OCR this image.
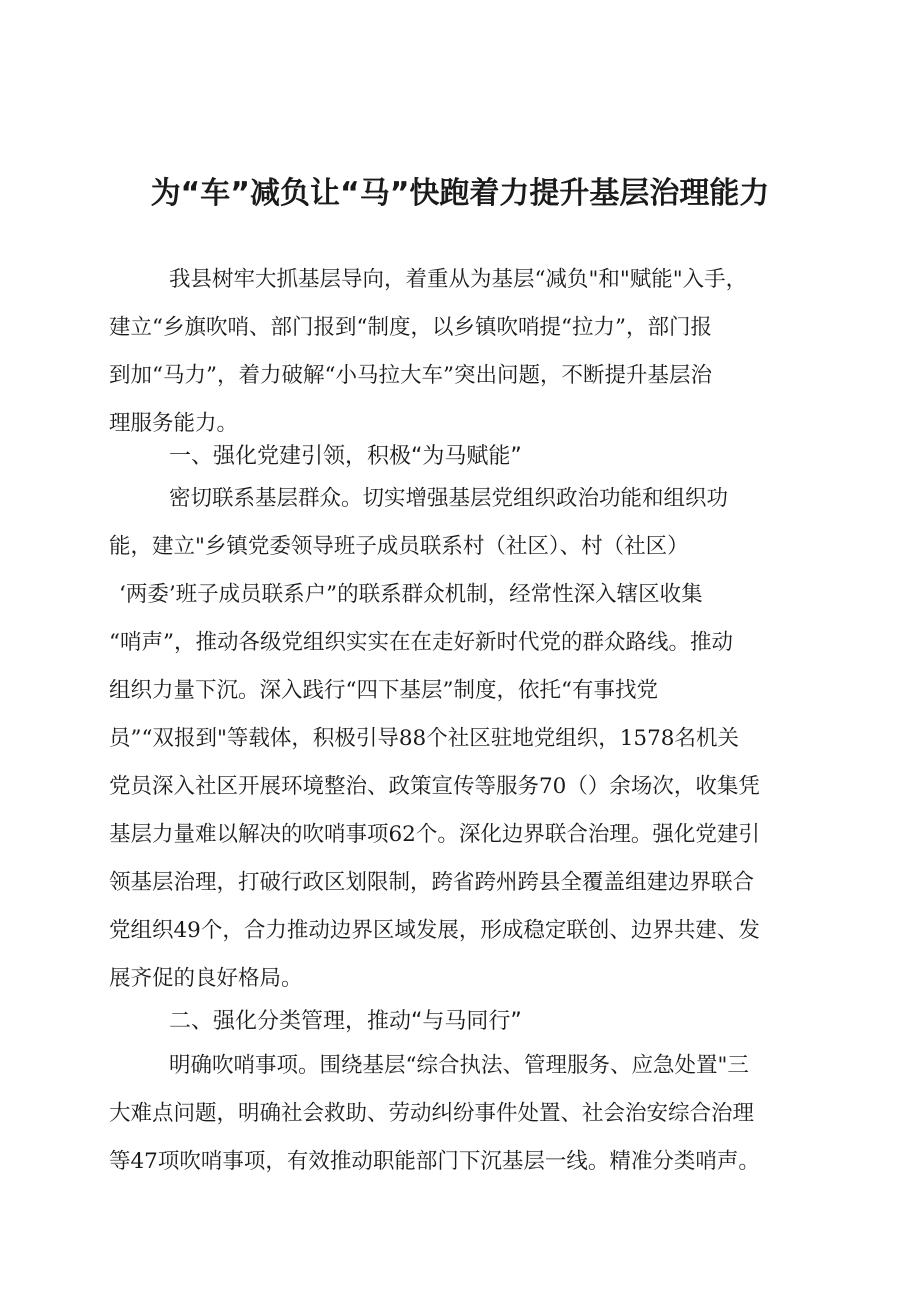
为“车”减负让“马”快跑着力提升基层治理能力
我县树牢大抓基层导向，着重从为基层“减负"和"赋能"入手，
建立“乡旗吹哨、部门报到“制度，以乡镇吹哨提“拉力”，部门报
到加“马力”，着力破解“小马拉大车”突出问题，不断提升基层治
理服务能力。
一、强化党建引领，积极“为马赋能”
密切联系基层群众。切实增强基层党组织政治功能和组织功
能，建立"乡镇党委领导班子成员联系村（社区）、村（社区）
‘两委’班子成员联系户”的联系群众机制，经常性深入辖区收集
“哨声”，推动各级党组织实实在在走好新时代党的群众路线。推动
组织力量下沉。深入践行“四下基层”制度，依托“有事找党
员”“双报到"等载体，积极引导88个社区驻地党组织，1578名机关
党员深入社区开展环境整治、政策宣传等服务70（）余场次，收集凭
基层力量难以解决的吹哨事项62个。深化边界联合治理。强化党建引
领基层治理，打破行政区划限制，跨省跨州跨县全覆盖组建边界联合
党组织49个，合力推动边界区域发展，形成稳定联创、边界共建、发
展齐促的良好格局。
二、强化分类管理，推动“与马同行”
明确吹哨事项。围绕基层“综合执法、管理服务、应急处置"三
大难点问题，明确社会救助、劳动纠纷事件处置、社会治安综合治理
等47项吹哨事项，有效推动职能部门下沉基层一线。精准分类哨声。
